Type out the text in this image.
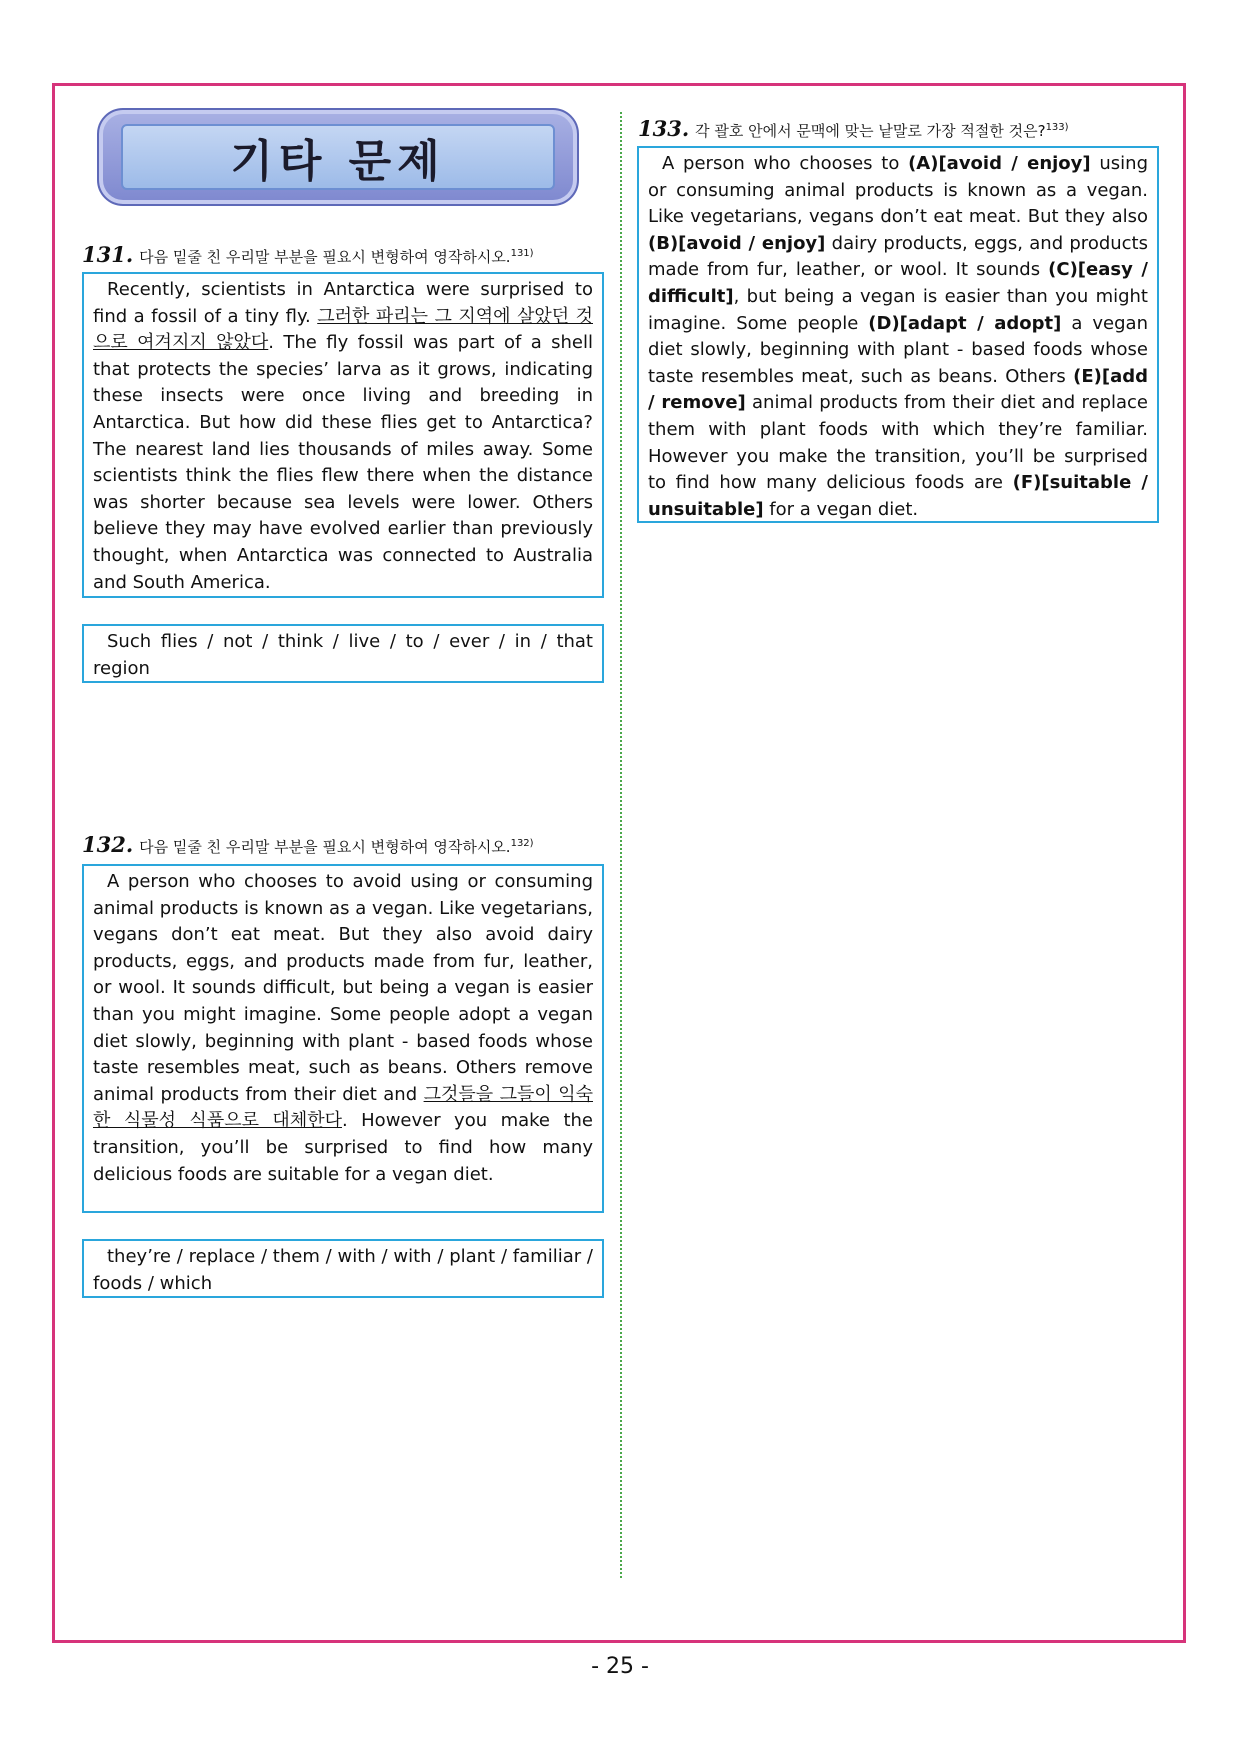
기타 문제
131. 다음 밑줄 친 우리말 부분을 필요시 변형하여 영작하시오.$^{131)}$

Recently, scientists in Antarctica were surprised to find a fossil of a tiny fly. 그러한 파리는 그 지역에 살았던 것으로 여겨지지 않았다. The fly fossil was part of a shell that protects the species’ larva as it grows, indicating these insects were once living and breeding in Antarctica. But how did these flies get to Antarctica? The nearest land lies thousands of miles away. Some scientists think the flies flew there when the distance was shorter because sea levels were lower. Others believe they may have evolved earlier than previously thought, when Antarctica was connected to Australia and South America.

Such flies / not / think / live / to / ever / in / that region

132. 다음 밑줄 친 우리말 부분을 필요시 변형하여 영작하시오.$^{132)}$

A person who chooses to avoid using or consuming animal products is known as a vegan. Like vegetarians, vegans don’t eat meat. But they also avoid dairy products, eggs, and products made from fur, leather, or wool. It sounds difficult, but being a vegan is easier than you might imagine. Some people adopt a vegan diet slowly, beginning with plant - based foods whose taste resembles meat, such as beans. Others remove animal products from their diet and 그것들을 그들이 익숙한 식물성 식품으로 대체한다. However you make the transition, you’ll be surprised to find how many delicious foods are suitable for a vegan diet.

they’re / replace / them / with / with / plant / familiar / foods / which

133. 각 괄호 안에서 문맥에 맞는 낱말로 가장 적절한 것은?$^{133)}$

A person who chooses to (A)[avoid / enjoy] using or consuming animal products is known as a vegan. Like vegetarians, vegans don’t eat meat. But they also (B)[avoid / enjoy] dairy products, eggs, and products made from fur, leather, or wool. It sounds (C)[easy / difficult], but being a vegan is easier than you might imagine. Some people (D)[adapt / adopt] a vegan diet slowly, beginning with plant - based foods whose taste resembles meat, such as beans. Others (E)[add / remove] animal products from their diet and replace them with plant foods with which they’re familiar. However you make the transition, you’ll be surprised to find how many delicious foods are (F)[suitable / unsuitable] for a vegan diet.

- 25 -
